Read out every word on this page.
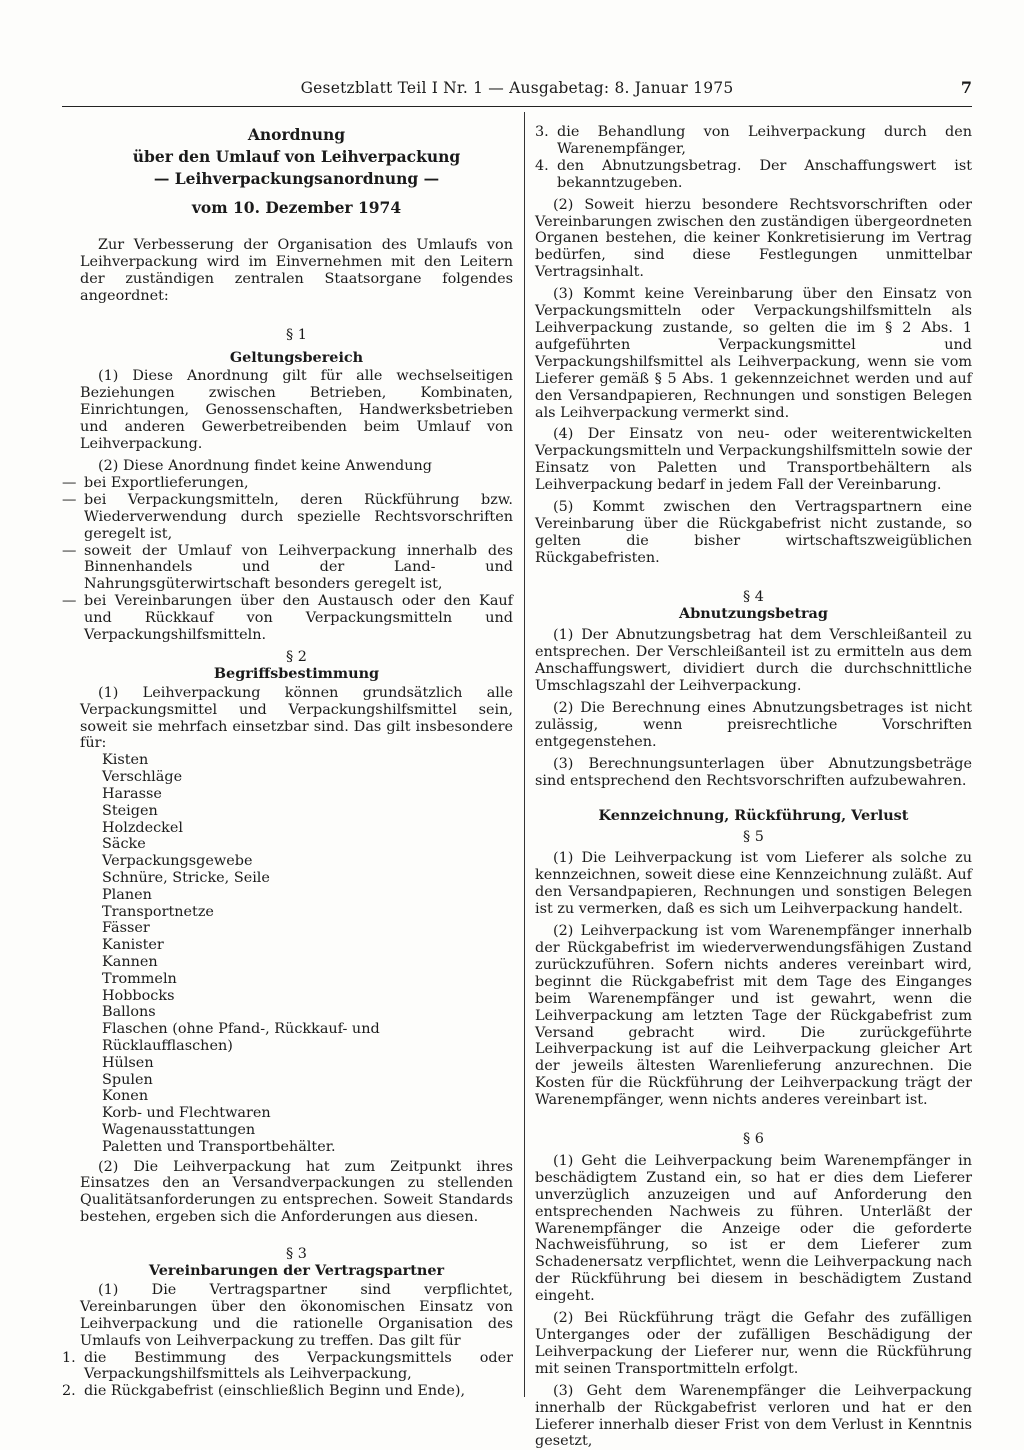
Gesetzblatt Teil I Nr. 1 — Ausgabetag: 8. Januar 1975	7

Anordnung

über den Umlauf von Leihverpackung

— Leihverpackungsanordnung —

vom 10. Dezember 1974

Zur Verbesserung der Organisation des Umlaufs von Leihverpackung wird im Einvernehmen mit den Leitern der zuständigen zentralen Staatsorgane folgendes angeordnet:

§ 1

Geltungsbereich

(1) Diese Anordnung gilt für alle wechselseitigen Beziehungen zwischen Betrieben, Kombinaten, Einrichtungen, Genossenschaften, Handwerksbetrieben und anderen Gewerbetreibenden beim Umlauf von Leihverpackung.

(2) Diese Anordnung findet keine Anwendung

— bei Exportlieferungen,
— bei Verpackungsmitteln, deren Rückführung bzw. Wiederverwendung durch spezielle Rechtsvorschriften geregelt ist,
— soweit der Umlauf von Leihverpackung innerhalb des Binnenhandels und der Land- und Nahrungsgüterwirtschaft besonders geregelt ist,
— bei Vereinbarungen über den Austausch oder den Kauf und Rückkauf von Verpackungsmitteln und Verpackungshilfsmitteln.

§ 2

Begriffsbestimmung

(1) Leihverpackung können grundsätzlich alle Verpackungsmittel und Verpackungshilfsmittel sein, soweit sie mehrfach einsetzbar sind. Das gilt insbesondere für:

Kisten
Verschläge
Harasse
Steigen
Holzdeckel
Säcke
Verpackungsgewebe
Schnüre, Stricke, Seile
Planen
Transportnetze
Fässer
Kanister
Kannen
Trommeln
Hobbocks
Ballons
Flaschen (ohne Pfand-, Rückkauf- und Rücklaufflaschen)
Hülsen
Spulen
Konen
Korb- und Flechtwaren
Wagenausstattungen
Paletten und Transportbehälter.

(2) Die Leihverpackung hat zum Zeitpunkt ihres Einsatzes den an Versandverpackungen zu stellenden Qualitätsanforderungen zu entsprechen. Soweit Standards bestehen, ergeben sich die Anforderungen aus diesen.

§ 3

Vereinbarungen der Vertragspartner

(1) Die Vertragspartner sind verpflichtet, Vereinbarungen über den ökonomischen Einsatz von Leihverpackung und die rationelle Organisation des Umlaufs von Leihverpackung zu treffen. Das gilt für

1. die Bestimmung des Verpackungsmittels oder Verpackungshilfsmittels als Leihverpackung,
2. die Rückgabefrist (einschließlich Beginn und Ende),
3. die Behandlung von Leihverpackung durch den Warenempfänger,
4. den Abnutzungsbetrag. Der Anschaffungswert ist bekanntzugeben.

(2) Soweit hierzu besondere Rechtsvorschriften oder Vereinbarungen zwischen den zuständigen übergeordneten Organen bestehen, die keiner Konkretisierung im Vertrag bedürfen, sind diese Festlegungen unmittelbar Vertragsinhalt.

(3) Kommt keine Vereinbarung über den Einsatz von Verpackungsmitteln oder Verpackungshilfsmitteln als Leihverpackung zustande, so gelten die im § 2 Abs. 1 aufgeführten Verpackungsmittel und Verpackungshilfsmittel als Leihverpackung, wenn sie vom Lieferer gemäß § 5 Abs. 1 gekennzeichnet werden und auf den Versandpapieren, Rechnungen und sonstigen Belegen als Leihverpackung vermerkt sind.

(4) Der Einsatz von neu- oder weiterentwickelten Verpackungsmitteln und Verpackungshilfsmitteln sowie der Einsatz von Paletten und Transportbehältern als Leihverpackung bedarf in jedem Fall der Vereinbarung.

(5) Kommt zwischen den Vertragspartnern eine Vereinbarung über die Rückgabefrist nicht zustande, so gelten die bisher wirtschaftszweigüblichen Rückgabefristen.

§ 4

Abnutzungsbetrag

(1) Der Abnutzungsbetrag hat dem Verschleißanteil zu entsprechen. Der Verschleißanteil ist zu ermitteln aus dem Anschaffungswert, dividiert durch die durchschnittliche Umschlagszahl der Leihverpackung.

(2) Die Berechnung eines Abnutzungsbetrages ist nicht zulässig, wenn preisrechtliche Vorschriften entgegenstehen.

(3) Berechnungsunterlagen über Abnutzungsbeträge sind entsprechend den Rechtsvorschriften aufzubewahren.

Kennzeichnung, Rückführung, Verlust

§ 5

(1) Die Leihverpackung ist vom Lieferer als solche zu kennzeichnen, soweit diese eine Kennzeichnung zuläßt. Auf den Versandpapieren, Rechnungen und sonstigen Belegen ist zu vermerken, daß es sich um Leihverpackung handelt.

(2) Leihverpackung ist vom Warenempfänger innerhalb der Rückgabefrist im wiederverwendungsfähigen Zustand zurückzuführen. Sofern nichts anderes vereinbart wird, beginnt die Rückgabefrist mit dem Tage des Einganges beim Warenempfänger und ist gewahrt, wenn die Leihverpackung am letzten Tage der Rückgabefrist zum Versand gebracht wird. Die zurückgeführte Leihverpackung ist auf die Leihverpackung gleicher Art der jeweils ältesten Warenlieferung anzurechnen. Die Kosten für die Rückführung der Leihverpackung trägt der Warenempfänger, wenn nichts anderes vereinbart ist.

§ 6

(1) Geht die Leihverpackung beim Warenempfänger in beschädigtem Zustand ein, so hat er dies dem Lieferer unverzüglich anzuzeigen und auf Anforderung den entsprechenden Nachweis zu führen. Unterläßt der Warenempfänger die Anzeige oder die geforderte Nachweisführung, so ist er dem Lieferer zum Schadenersatz verpflichtet, wenn die Leihverpackung nach der Rückführung bei diesem in beschädigtem Zustand eingeht.

(2) Bei Rückführung trägt die Gefahr des zufälligen Unterganges oder der zufälligen Beschädigung der Leihverpackung der Lieferer nur, wenn die Rückführung mit seinen Transportmitteln erfolgt.

(3) Geht dem Warenempfänger die Leihverpackung innerhalb der Rückgabefrist verloren und hat er den Lieferer innerhalb dieser Frist von dem Verlust in Kenntnis gesetzt,
